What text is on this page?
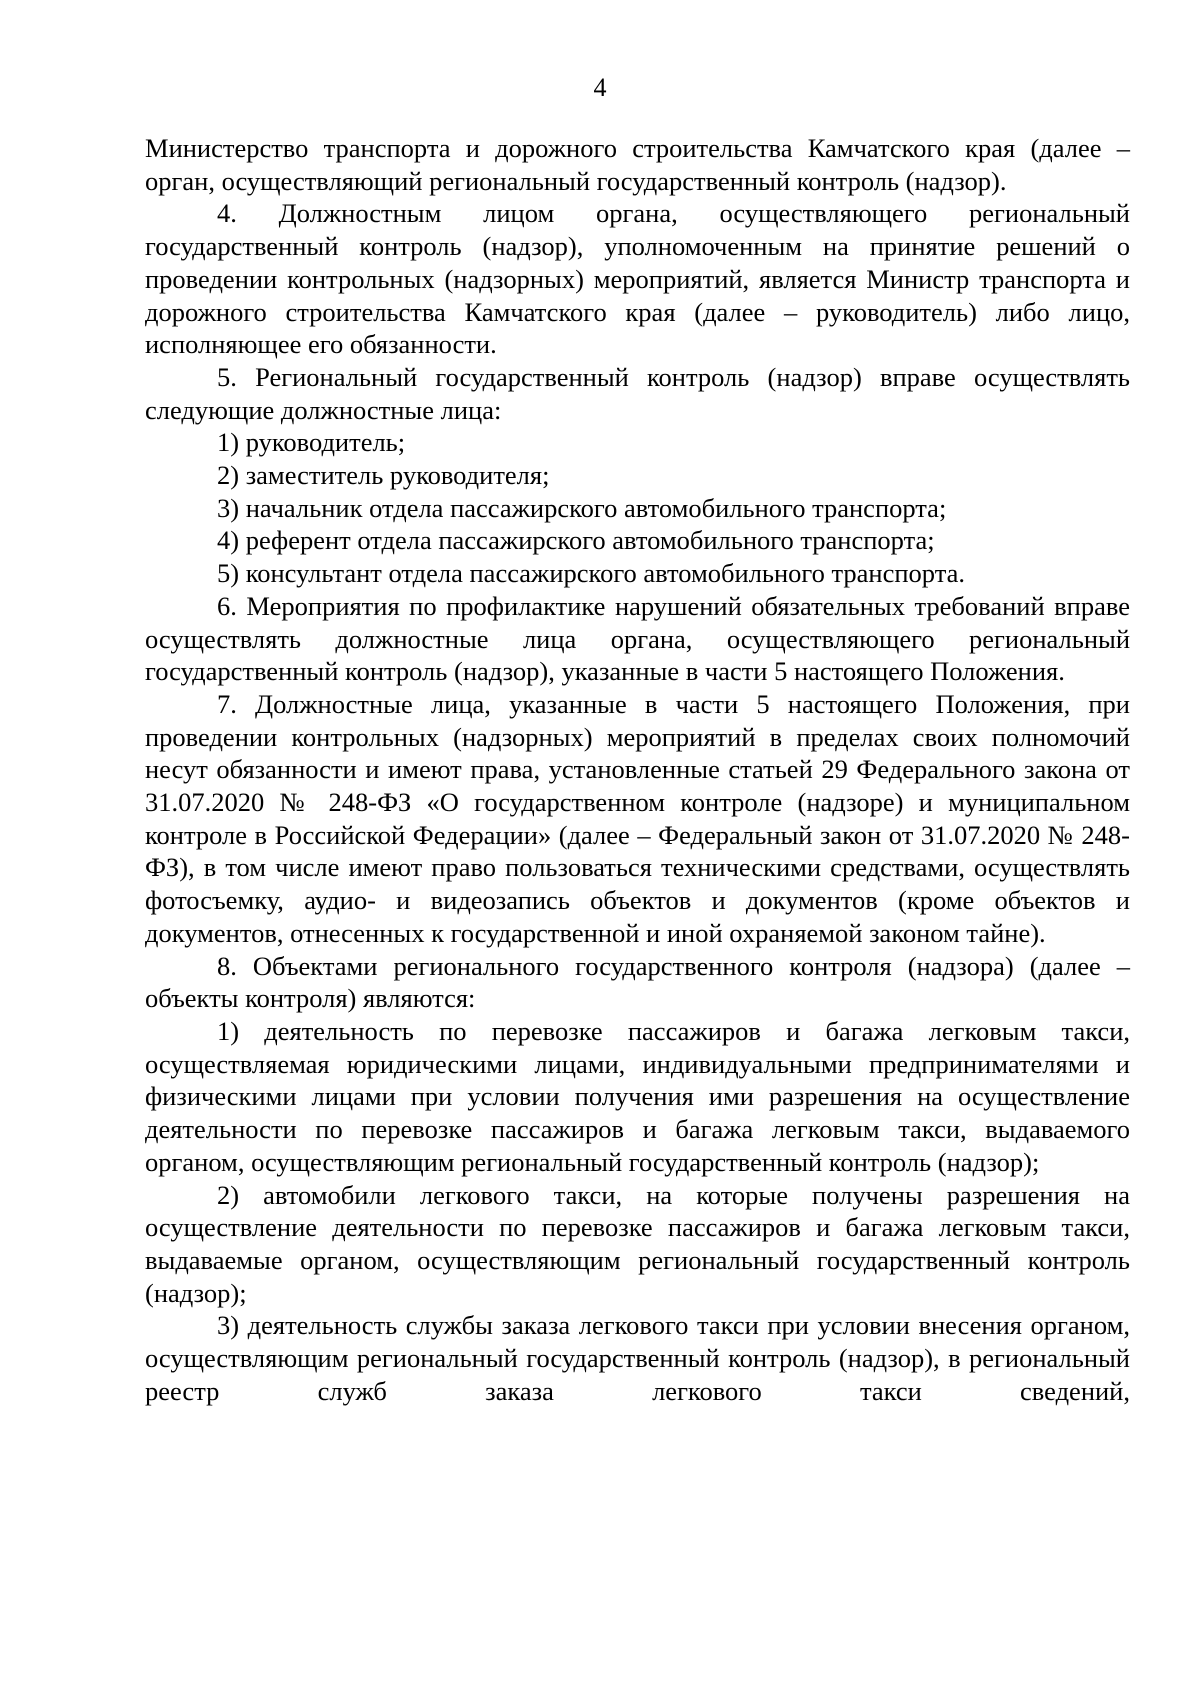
4

Министерство транспорта и дорожного строительства Камчатского края (далее – орган, осуществляющий региональный государственный контроль (надзор).

4. Должностным лицом органа, осуществляющего региональный государственный контроль (надзор), уполномоченным на принятие решений о проведении контрольных (надзорных) мероприятий, является Министр транспорта и дорожного строительства Камчатского края (далее – руководитель) либо лицо, исполняющее его обязанности.

5. Региональный государственный контроль (надзор) вправе осуществлять следующие должностные лица:

1) руководитель;

2) заместитель руководителя;

3) начальник отдела пассажирского автомобильного транспорта;

4) референт отдела пассажирского автомобильного транспорта;

5) консультант отдела пассажирского автомобильного транспорта.

6. Мероприятия по профилактике нарушений обязательных требований вправе осуществлять должностные лица органа, осуществляющего региональный государственный контроль (надзор), указанные в части 5 настоящего Положения.

7. Должностные лица, указанные в части 5 настоящего Положения, при проведении контрольных (надзорных) мероприятий в пределах своих полномочий несут обязанности и имеют права, установленные статьей 29 Федерального закона от 31.07.2020 № 248-ФЗ «О государственном контроле (надзоре) и муниципальном контроле в Российской Федерации» (далее – Федеральный закон от 31.07.2020 № 248-ФЗ), в том числе имеют право пользоваться техническими средствами, осуществлять фотосъемку, аудио- и видеозапись объектов и документов (кроме объектов и документов, отнесенных к государственной и иной охраняемой законом тайне).

8. Объектами регионального государственного контроля (надзора) (далее – объекты контроля) являются:

1) деятельность по перевозке пассажиров и багажа легковым такси, осуществляемая юридическими лицами, индивидуальными предпринимателями и физическими лицами при условии получения ими разрешения на осуществление деятельности по перевозке пассажиров и багажа легковым такси, выдаваемого органом, осуществляющим региональный государственный контроль (надзор);

2) автомобили легкового такси, на которые получены разрешения на осуществление деятельности по перевозке пассажиров и багажа легковым такси, выдаваемые органом, осуществляющим региональный государственный контроль (надзор);

3) деятельность службы заказа легкового такси при условии внесения органом, осуществляющим региональный государственный контроль (надзор), в региональный реестр служб заказа легкового такси сведений,
